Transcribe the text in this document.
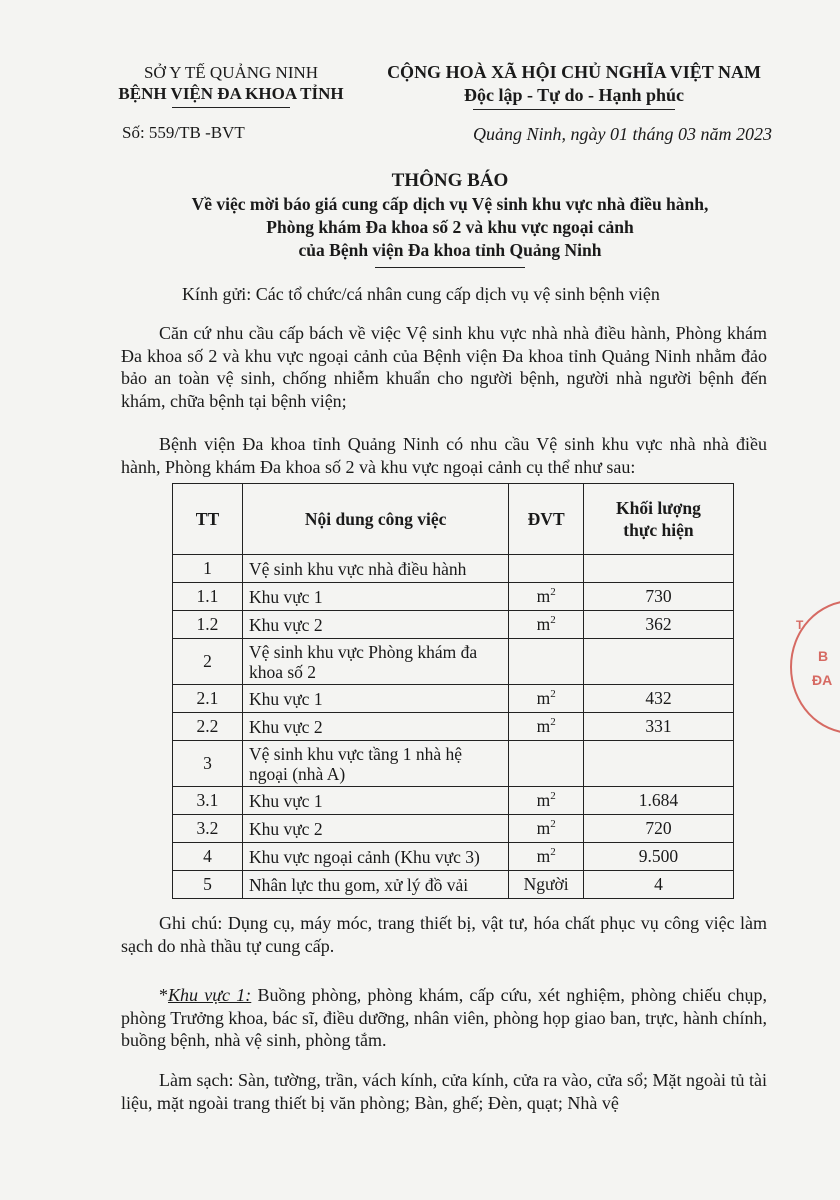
SỞ Y TẾ QUẢNG NINH
BỆNH VIỆN ĐA KHOA TỈNH
CỘNG HOÀ XÃ HỘI CHỦ NGHĨA VIỆT NAM
Độc lập - Tự do - Hạnh phúc
Số: 559/TB -BVT	Quảng Ninh, ngày 01 tháng 03 năm 2023
THÔNG BÁO
Về việc mời báo giá cung cấp dịch vụ Vệ sinh khu vực nhà điều hành,
Phòng khám Đa khoa số 2 và khu vực ngoại cảnh
của Bệnh viện Đa khoa tỉnh Quảng Ninh
Kính gửi: Các tổ chức/cá nhân cung cấp dịch vụ vệ sinh bệnh viện
Căn cứ nhu cầu cấp bách về việc Vệ sinh khu vực nhà nhà điều hành, Phòng khám Đa khoa số 2 và khu vực ngoại cảnh của Bệnh viện Đa khoa tỉnh Quảng Ninh nhằm đảo bảo an toàn vệ sinh, chống nhiễm khuẩn cho người bệnh, người nhà người bệnh đến khám, chữa bệnh tại bệnh viện;
Bệnh viện Đa khoa tỉnh Quảng Ninh có nhu cầu Vệ sinh khu vực nhà nhà điều hành, Phòng khám Đa khoa số 2 và khu vực ngoại cảnh cụ thể như sau:
TT	Nội dung công việc	ĐVT	Khối lượng
thực hiện
1	Vệ sinh khu vực nhà điều hành		
1.1	Khu vực 1	$m^2$	730
1.2	Khu vực 2	$m^2$	362
2	Vệ sinh khu vực Phòng khám đa khoa số 2		
2.1	Khu vực 1	$m^2$	432
2.2	Khu vực 2	$m^2$	331
3	Vệ sinh khu vực tầng 1 nhà hệ ngoại (nhà A)		
3.1	Khu vực 1	$m^2$	1.684
3.2	Khu vực 2	$m^2$	720
4	Khu vực ngoại cảnh (Khu vực 3)	$m^2$	9.500
5	Nhân lực thu gom, xử lý đồ vải	Người	4
Ghi chú: Dụng cụ, máy móc, trang thiết bị, vật tư, hóa chất phục vụ công việc làm sạch do nhà thầu tự cung cấp.
*Khu vực 1: Buồng phòng, phòng khám, cấp cứu, xét nghiệm, phòng chiếu chụp, phòng Trưởng khoa, bác sĩ, điều dưỡng, nhân viên, phòng họp giao ban, trực, hành chính, buồng bệnh, nhà vệ sinh, phòng tắm.
Làm sạch: Sàn, tường, trần, vách kính, cửa kính, cửa ra vào, cửa sổ; Mặt ngoài tủ tài liệu, mặt ngoài trang thiết bị văn phòng; Bàn, ghế; Đèn, quạt; Nhà vệ
T
B
ĐA
